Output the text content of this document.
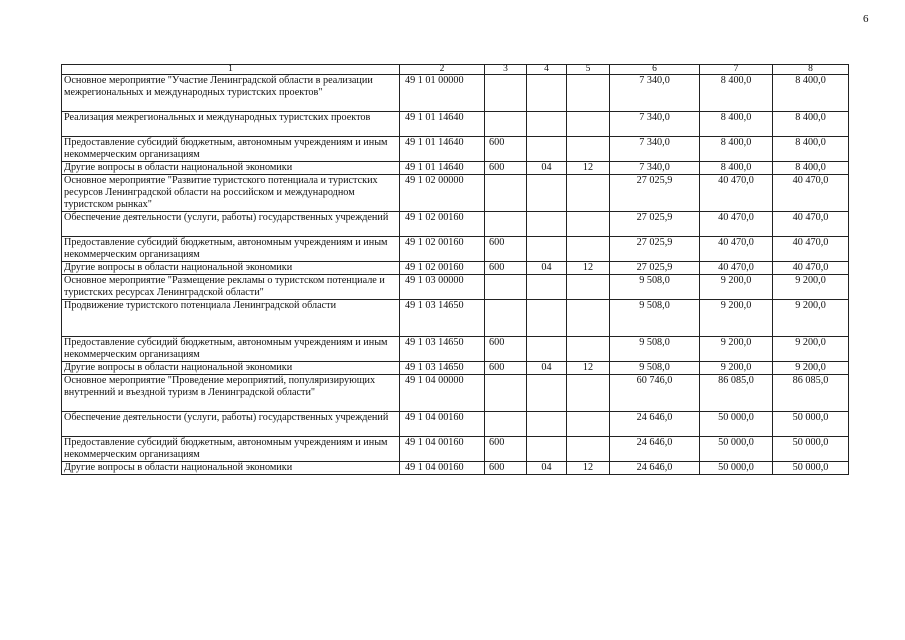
6
1	2	3	4	5	6	7	8
Основное мероприятие "Участие Ленинградской области в реализации межрегиональных и международных туристских проектов"	49 1 01 00000				7 340,0	8 400,0	8 400,0
Реализация межрегиональных и международных туристских проектов	49 1 01 14640				7 340,0	8 400,0	8 400,0
Предоставление субсидий бюджетным, автономным учреждениям и иным некоммерческим организациям	49 1 01 14640	600			7 340,0	8 400,0	8 400,0
Другие вопросы в области национальной экономики	49 1 01 14640	600	04	12	7 340,0	8 400,0	8 400,0
Основное мероприятие "Развитие туристского потенциала и туристских ресурсов Ленинградской области на российском и международном туристском рынках"	49 1 02 00000				27 025,9	40 470,0	40 470,0
Обеспечение деятельности (услуги, работы) государственных учреждений	49 1 02 00160				27 025,9	40 470,0	40 470,0
Предоставление субсидий бюджетным, автономным учреждениям и иным некоммерческим организациям	49 1 02 00160	600			27 025,9	40 470,0	40 470,0
Другие вопросы в области национальной экономики	49 1 02 00160	600	04	12	27 025,9	40 470,0	40 470,0
Основное мероприятие "Размещение рекламы о туристском потенциале и туристских ресурсах Ленинградской области"	49 1 03 00000				9 508,0	9 200,0	9 200,0
Продвижение туристского потенциала Ленинградской области	49 1 03 14650				9 508,0	9 200,0	9 200,0
Предоставление субсидий бюджетным, автономным учреждениям и иным некоммерческим организациям	49 1 03 14650	600			9 508,0	9 200,0	9 200,0
Другие вопросы в области национальной экономики	49 1 03 14650	600	04	12	9 508,0	9 200,0	9 200,0
Основное мероприятие "Проведение мероприятий, популяризирующих внутренний и въездной туризм в Ленинградской области"	49 1 04 00000				60 746,0	86 085,0	86 085,0
Обеспечение деятельности (услуги, работы) государственных учреждений	49 1 04 00160				24 646,0	50 000,0	50 000,0
Предоставление субсидий бюджетным, автономным учреждениям и иным некоммерческим организациям	49 1 04 00160	600			24 646,0	50 000,0	50 000,0
Другие вопросы в области национальной экономики	49 1 04 00160	600	04	12	24 646,0	50 000,0	50 000,0
